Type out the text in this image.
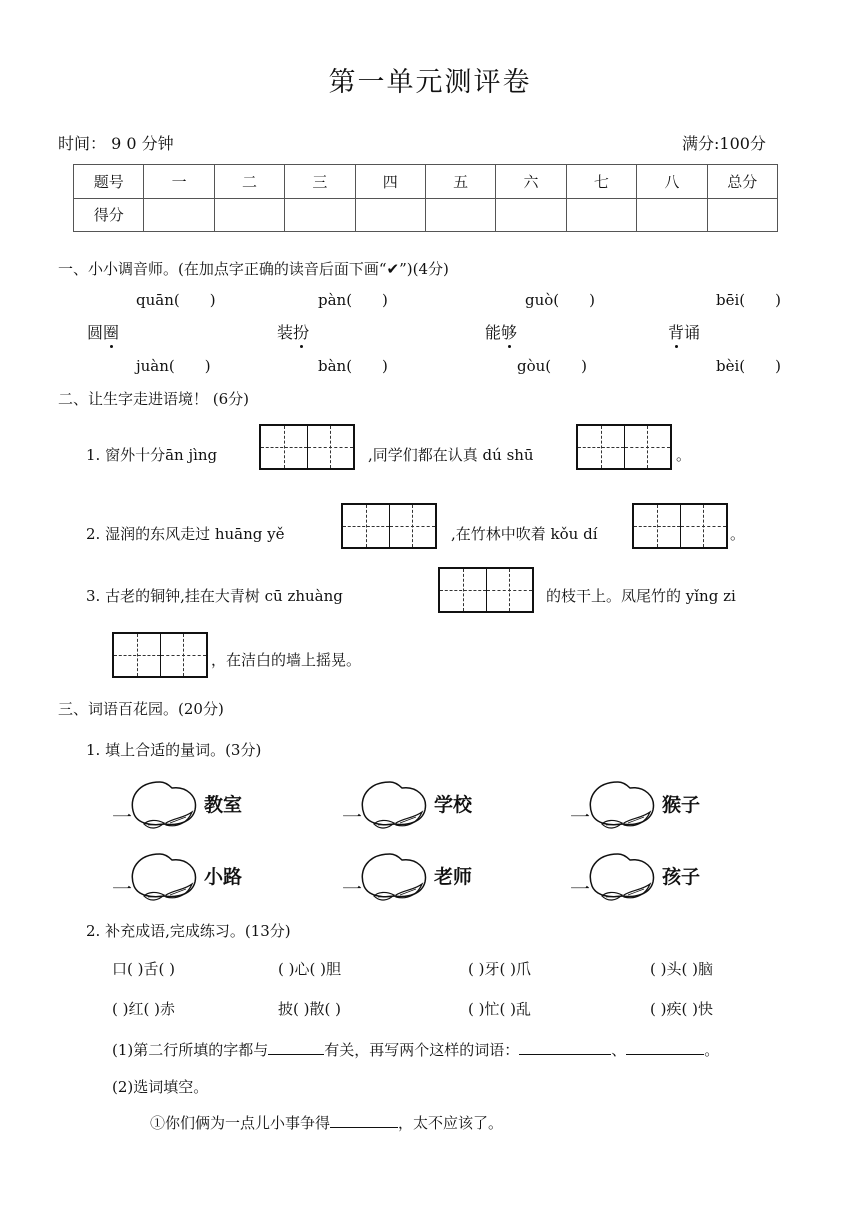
第一单元测评卷
时间： 9 0 分钟	满分:100分
题号	一	二	三	四	五	六	七	八	总分
得分									
一、小小调音师。(在加点字正确的读音后面下画“✔”)(4分)
quān(　　)	pàn(　　)	guò(　　)	bēi(　　)
圆圈	装扮	能够	背诵
juàn(　　)	bàn(　　)	gòu(　　)	bèi(　　)
二、让生字走进语境！ (6分)
1. 窗外十分ān jìng	,同学们都在认真 dú shū	。
2. 湿润的东风走过 huāng yě	,在竹林中吹着 kǒu dí	。
3. 古老的铜钟,挂在大青树 cū zhuàng	的枝干上。凤尾竹的 yǐng zi
，在洁白的墙上摇晃。
三、词语百花园。(20分)
1. 填上合适的量词。(3分)
一	教室	一	学校	一	猴子
一	小路	一	老师	一	孩子
2. 补充成语,完成练习。(13分)
口( )舌( )	( )心( )胆	( )牙( )爪	( )头( )脑
( )红( )赤	披( )散( )	( )忙( )乱	( )疾( )快
(1)第二行所填的字都与	有关，再写两个这样的词语：	、	。
(2)选词填空。
①你们俩为一点儿小事争得	，太不应该了。
